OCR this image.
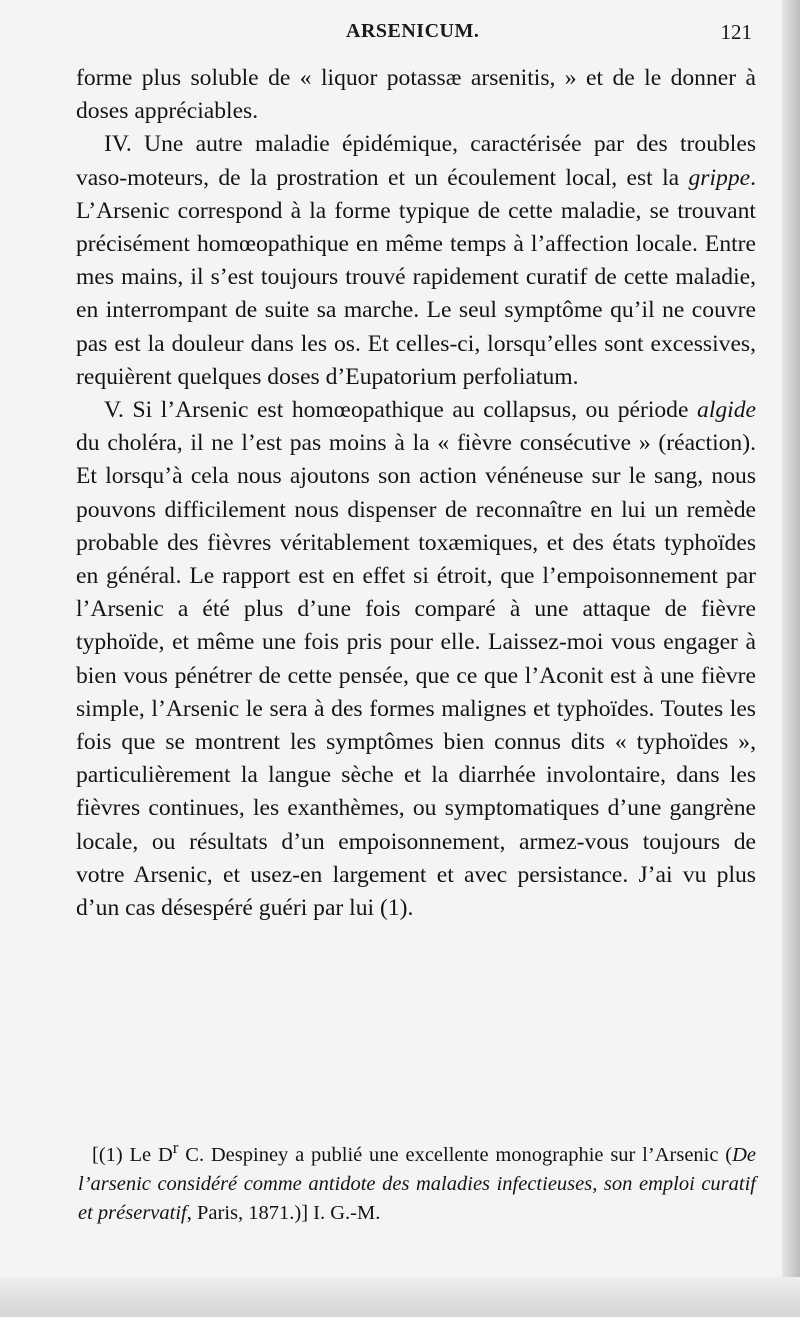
ARSENICUM.	121

forme plus soluble de « liquor potassæ arsenitis, » et de le donner à doses appréciables.

IV. Une autre maladie épidémique, caractérisée par des troubles vaso-moteurs, de la prostration et un écoulement local, est la grippe. L’Arsenic correspond à la forme typique de cette maladie, se trouvant précisément homœopathique en même temps à l’affection locale. Entre mes mains, il s’est toujours trouvé rapidement curatif de cette maladie, en interrompant de suite sa marche. Le seul symptôme qu’il ne couvre pas est la douleur dans les os. Et celles-ci, lorsqu’elles sont excessives, requièrent quelques doses d’Eupatorium perfoliatum.

V. Si l’Arsenic est homœopathique au collapsus, ou période algide du choléra, il ne l’est pas moins à la « fièvre consécutive » (réaction). Et lorsqu’à cela nous ajoutons son action vénéneuse sur le sang, nous pouvons difficilement nous dispenser de reconnaître en lui un remède probable des fièvres véritablement toxæmiques, et des états typhoïdes en général. Le rapport est en effet si étroit, que l’empoisonnement par l’Arsenic a été plus d’une fois comparé à une attaque de fièvre typhoïde, et même une fois pris pour elle. Laissez-moi vous engager à bien vous pénétrer de cette pensée, que ce que l’Aconit est à une fièvre simple, l’Arsenic le sera à des formes malignes et typhoïdes. Toutes les fois que se montrent les symptômes bien connus dits « typhoïdes », particulièrement la langue sèche et la diarrhée involontaire, dans les fièvres continues, les exanthèmes, ou symptomatiques d’une gangrène locale, ou résultats d’un empoisonnement, armez-vous toujours de votre Arsenic, et usez-en largement et avec persistance. J’ai vu plus d’un cas désespéré guéri par lui (1).

[(1) Le $D^r$ C. Despiney a publié une excellente monographie sur l’Arsenic (De l’arsenic considéré comme antidote des maladies infectieuses, son emploi curatif et préservatif, Paris, 1871.)] I. G.-M.
